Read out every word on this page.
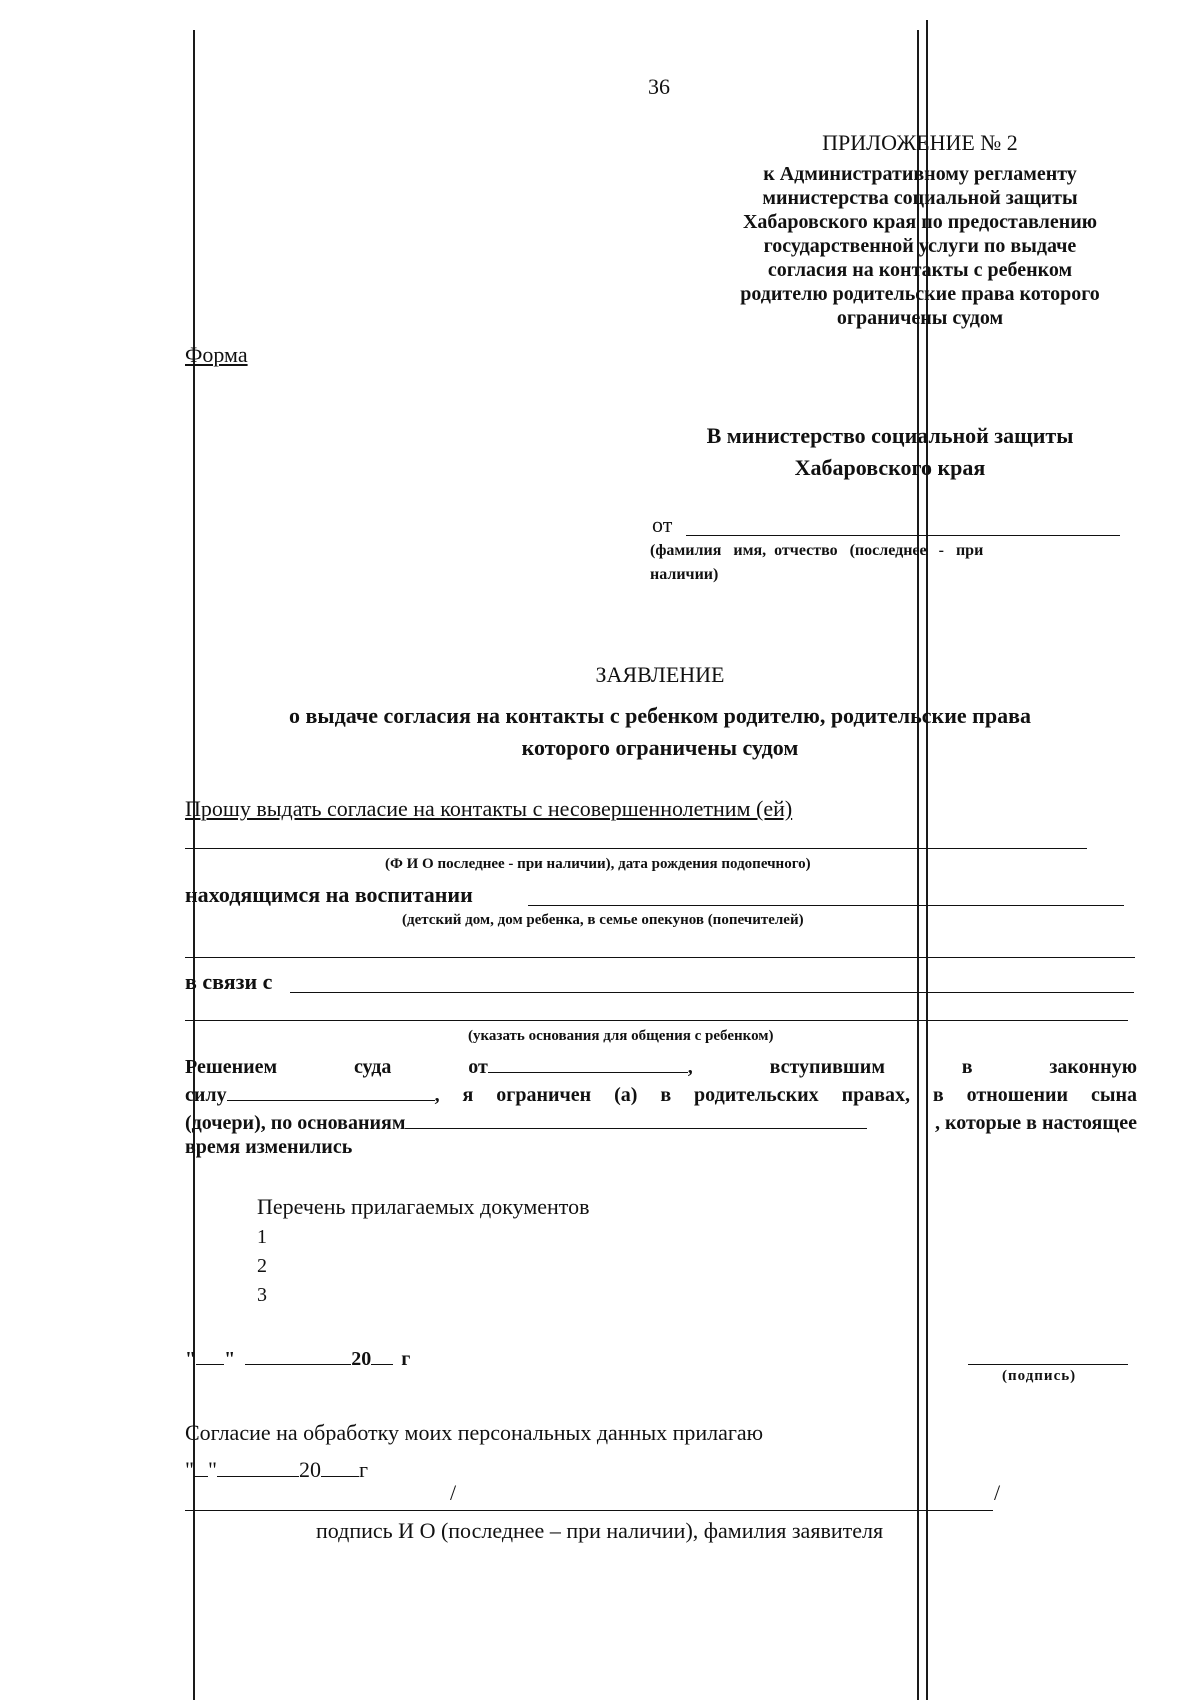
36
ПРИЛОЖЕНИЕ № 2
к Административному регламенту
министерства социальной защиты
Хабаровского края по предоставлению
государственной услуги по выдаче
согласия на контакты с ребенком
родителю родительские права которого
ограничены судом
Форма
В министерство социальной защиты
Хабаровского края
от
(фамилия   имя,  отчество   (последнее   -   при
наличии)
ЗАЯВЛЕНИЕ
о выдаче согласия на контакты с ребенком родителю, родительские права
которого ограничены судом
Прошу выдать согласие на контакты с несовершеннолетним (ей)
(Ф И О последнее - при наличии), дата рождения подопечного)
находящимся на воспитании
(детский дом, дом ребенка, в семье опекунов (попечителей)
в связи с
(указать основания для общения с ребенком)
Решением	суда	от	,	вступившим	в	законную
силу	, я ограничен (а) в родительских правах, в отношении сына
(дочери), по основаниям	, которые в настоящее
время изменились
Перечень прилагаемых документов
1
2
3
" "	20 г
(подпись)
Согласие на обработку моих персональных данных прилагаю
" "	20 г
/	/
подпись И О (последнее – при наличии), фамилия заявителя
